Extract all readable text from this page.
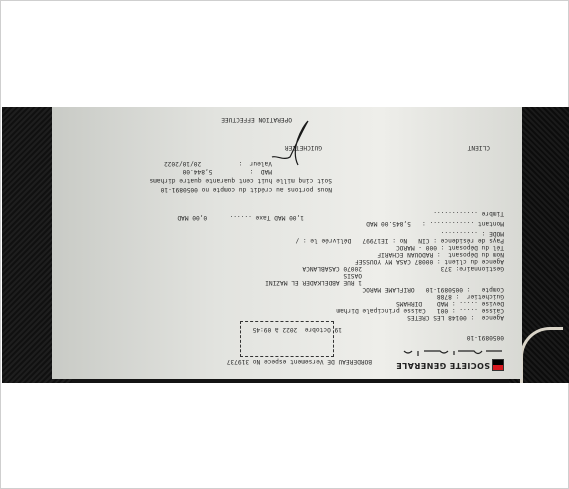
SOCIETE GENERALE
BORDEREAU DE Versement espece No 319737
0050891-10
19 Octobre  2022 à 09:45
Agence  : 00148 LES CRETES
Caisse ..... : 001   Caisse principale Dirham
Devise ..... : MAD    DIRHAMS
Guichetier  : 8788
Compte   : 0050891-10   ORIFLAME MAROC
1 RUE ABDELKADER EL MAZINI
OASIS
20070 CASABLANCA	Gestionnaire: 373
Agence du client : 00087 CASA MY YOUSSEF
Nom du Déposant  : RADOUAN ECHARIF
Tél du Déposant : 000 - MAROC
Pays de résidence : CIN   No : IE17997   Délivrée le : /
MODE : ..........
Montant ............ :   5,845.00 MAD
1,00 MAD Taxe ......      0,00 MAD
Timbre ............
Nous portons au crédit du compte no 0050891-10
Soit cinq mille huit cent quarante quatre dirhams
MAD  :          5,844.00
Valeur  :          20/10/2022
GUICHETIER	CLIENT
OPERATION EFFECTUEE
